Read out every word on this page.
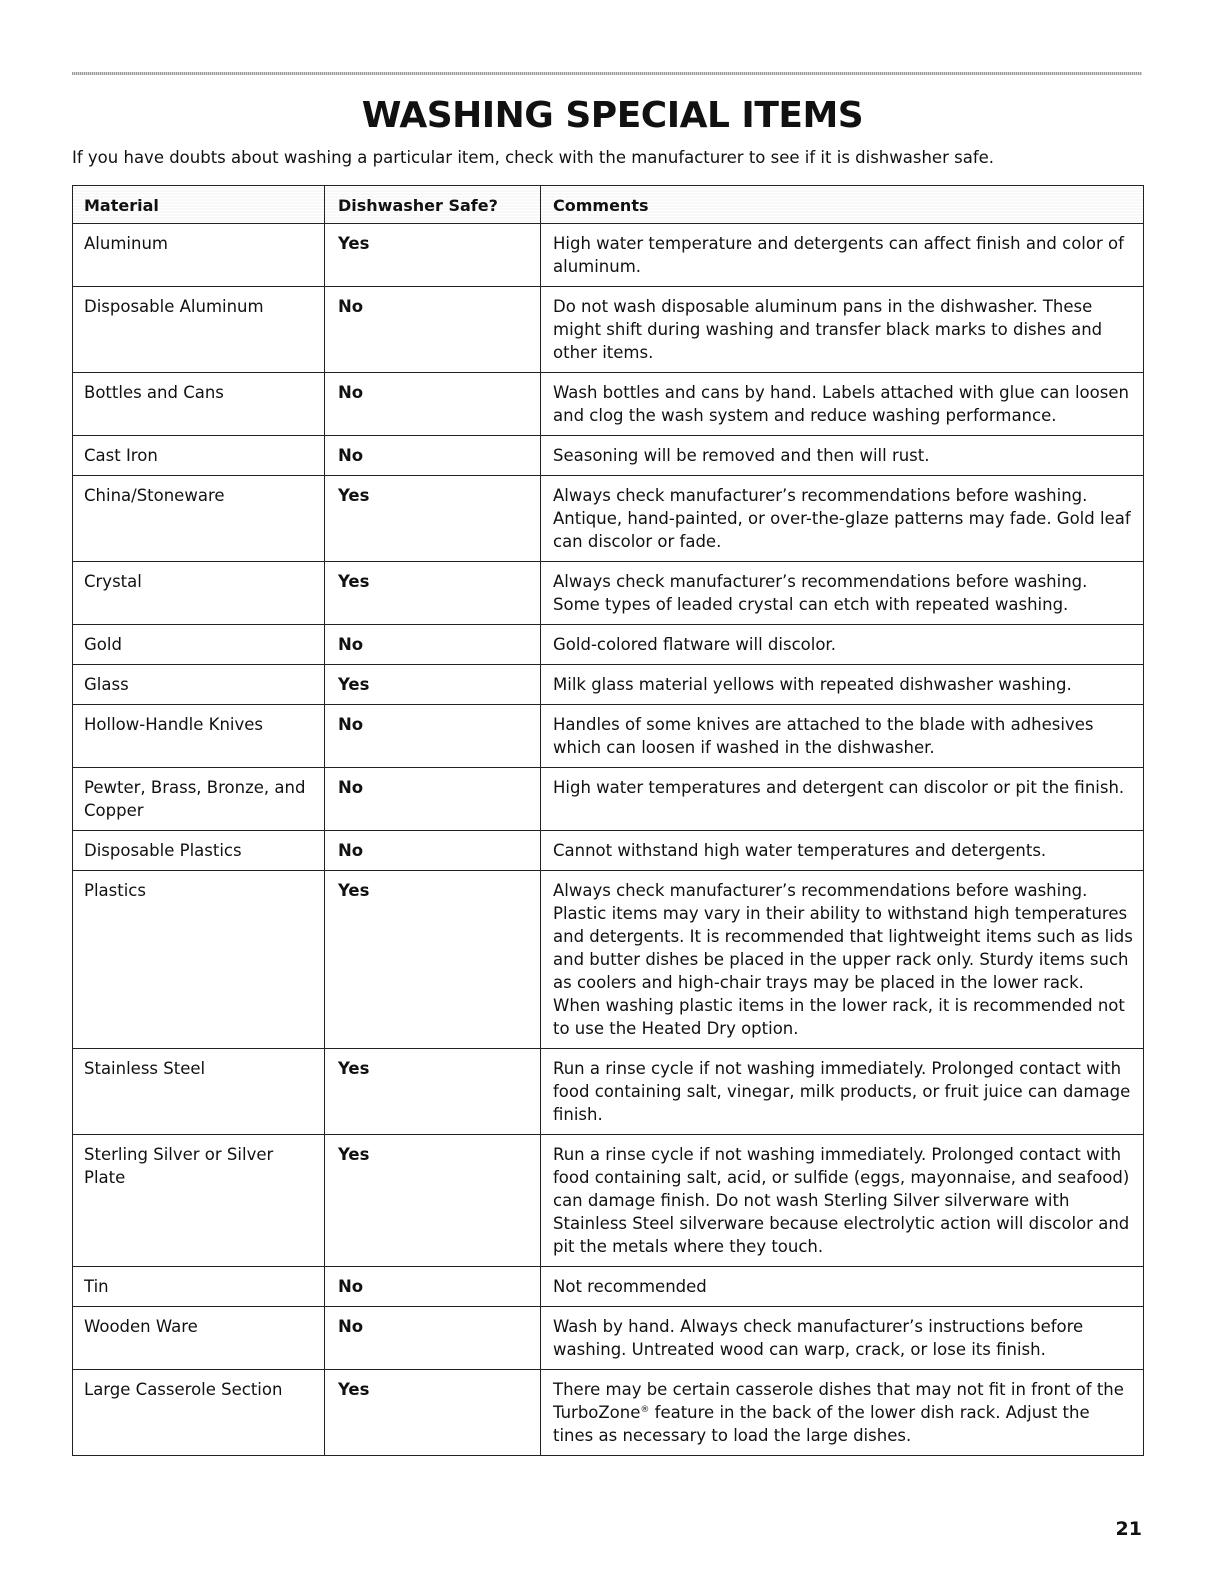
WASHING SPECIAL ITEMS

If you have doubts about washing a particular item, check with the manufacturer to see if it is dishwasher safe.

Material	Dishwasher Safe?	Comments
Aluminum	Yes	High water temperature and detergents can affect finish and color of aluminum.
Disposable Aluminum	No	Do not wash disposable aluminum pans in the dishwasher. These might shift during washing and transfer black marks to dishes and other items.
Bottles and Cans	No	Wash bottles and cans by hand. Labels attached with glue can loosen and clog the wash system and reduce washing performance.
Cast Iron	No	Seasoning will be removed and then will rust.
China/Stoneware	Yes	Always check manufacturer’s recommendations before washing. Antique, hand-painted, or over-the-glaze patterns may fade. Gold leaf can discolor or fade.
Crystal	Yes	Always check manufacturer’s recommendations before washing. Some types of leaded crystal can etch with repeated washing.
Gold	No	Gold-colored flatware will discolor.
Glass	Yes	Milk glass material yellows with repeated dishwasher washing.
Hollow-Handle Knives	No	Handles of some knives are attached to the blade with adhesives which can loosen if washed in the dishwasher.
Pewter, Brass, Bronze, and Copper	No	High water temperatures and detergent can discolor or pit the finish.
Disposable Plastics	No	Cannot withstand high water temperatures and detergents.
Plastics	Yes	Always check manufacturer’s recommendations before washing. Plastic items may vary in their ability to withstand high temperatures and detergents. It is recommended that lightweight items such as lids and butter dishes be placed in the upper rack only. Sturdy items such as coolers and high-chair trays may be placed in the lower rack. When washing plastic items in the lower rack, it is recommended not to use the Heated Dry option.
Stainless Steel	Yes	Run a rinse cycle if not washing immediately. Prolonged contact with food containing salt, vinegar, milk products, or fruit juice can damage finish.
Sterling Silver or Silver Plate	Yes	Run a rinse cycle if not washing immediately. Prolonged contact with food containing salt, acid, or sulfide (eggs, mayonnaise, and seafood) can damage finish. Do not wash Sterling Silver silverware with Stainless Steel silverware because electrolytic action will discolor and pit the metals where they touch.
Tin	No	Not recommended
Wooden Ware	No	Wash by hand. Always check manufacturer’s instructions before washing. Untreated wood can warp, crack, or lose its finish.
Large Casserole Section	Yes	There may be certain casserole dishes that may not fit in front of the TurboZone® feature in the back of the lower dish rack. Adjust the tines as necessary to load the large dishes.
21
